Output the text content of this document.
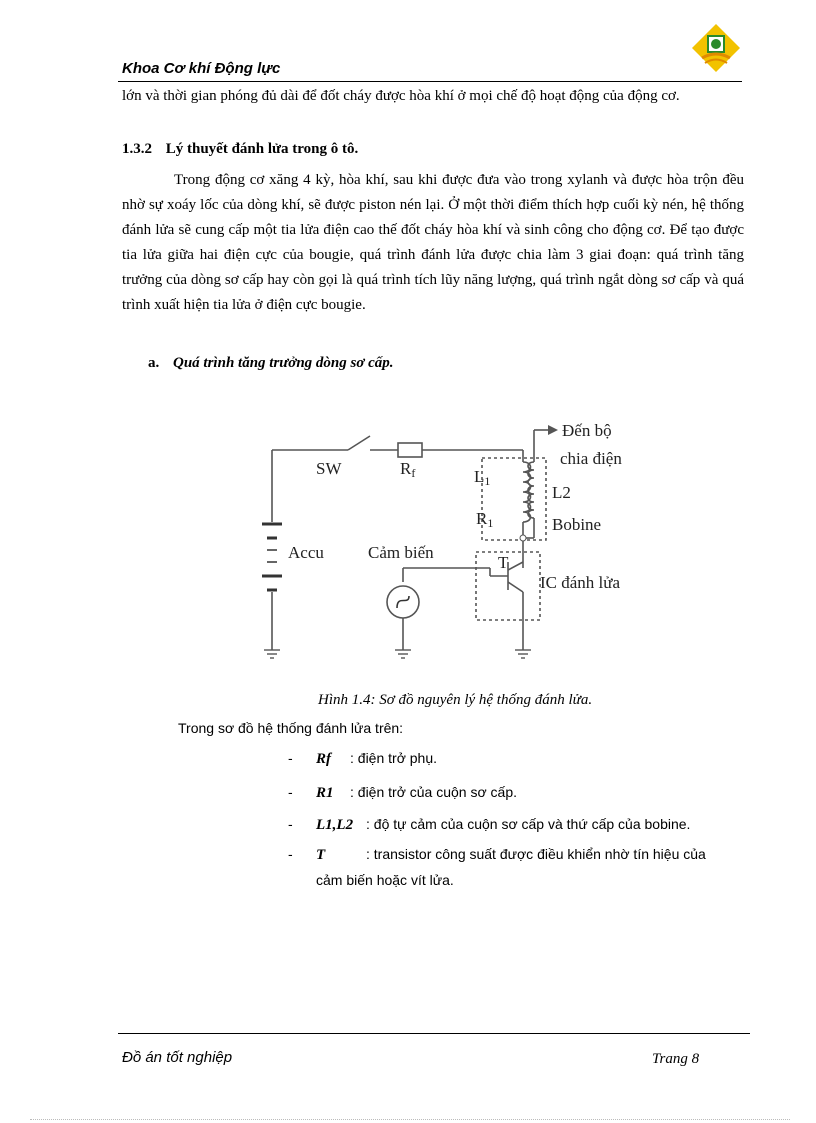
Khoa Cơ khí Động lực
lớn và thời gian phóng đủ dài để đốt cháy được hòa khí ở mọi chế độ hoạt động của động cơ.
1.3.2 Lý thuyết đánh lửa trong ô tô.
Trong động cơ xăng 4 kỳ, hòa khí, sau khi được đưa vào trong xylanh và được hòa trộn đều nhờ sự xoáy lốc của dòng khí, sẽ được piston nén lại. Ở một thời điểm thích hợp cuối kỳ nén, hệ thống đánh lửa sẽ cung cấp một tia lửa điện cao thế đốt cháy hòa khí và sinh công cho động cơ. Để tạo được tia lửa giữa hai điện cực của bougie, quá trình đánh lửa được chia làm 3 giai đoạn: quá trình tăng trưởng của dòng sơ cấp hay còn gọi là quá trình tích lũy năng lượng, quá trình ngắt dòng sơ cấp và quá trình xuất hiện tia lửa ở điện cực bougie.
a. Quá trình tăng trưởng dòng sơ cấp.
SW	Rf	L1
R1
L2
Bobine
Đến bộ
chia điện
Accu	Cảm biến
T
IC đánh lửa
Hình 1.4: Sơ đồ nguyên lý hệ thống đánh lửa.
Trong sơ đồ hệ thống đánh lửa trên:
- Rf : điện trở phụ.
- R1 : điện trở của cuộn sơ cấp.
- L1,L2 : độ tự cảm của cuộn sơ cấp và thứ cấp của bobine.
- T	: transistor công suất được điều khiển nhờ tín hiệu của
cảm biến hoặc vít lửa.
Đồ án tốt nghiệp	Trang 8
